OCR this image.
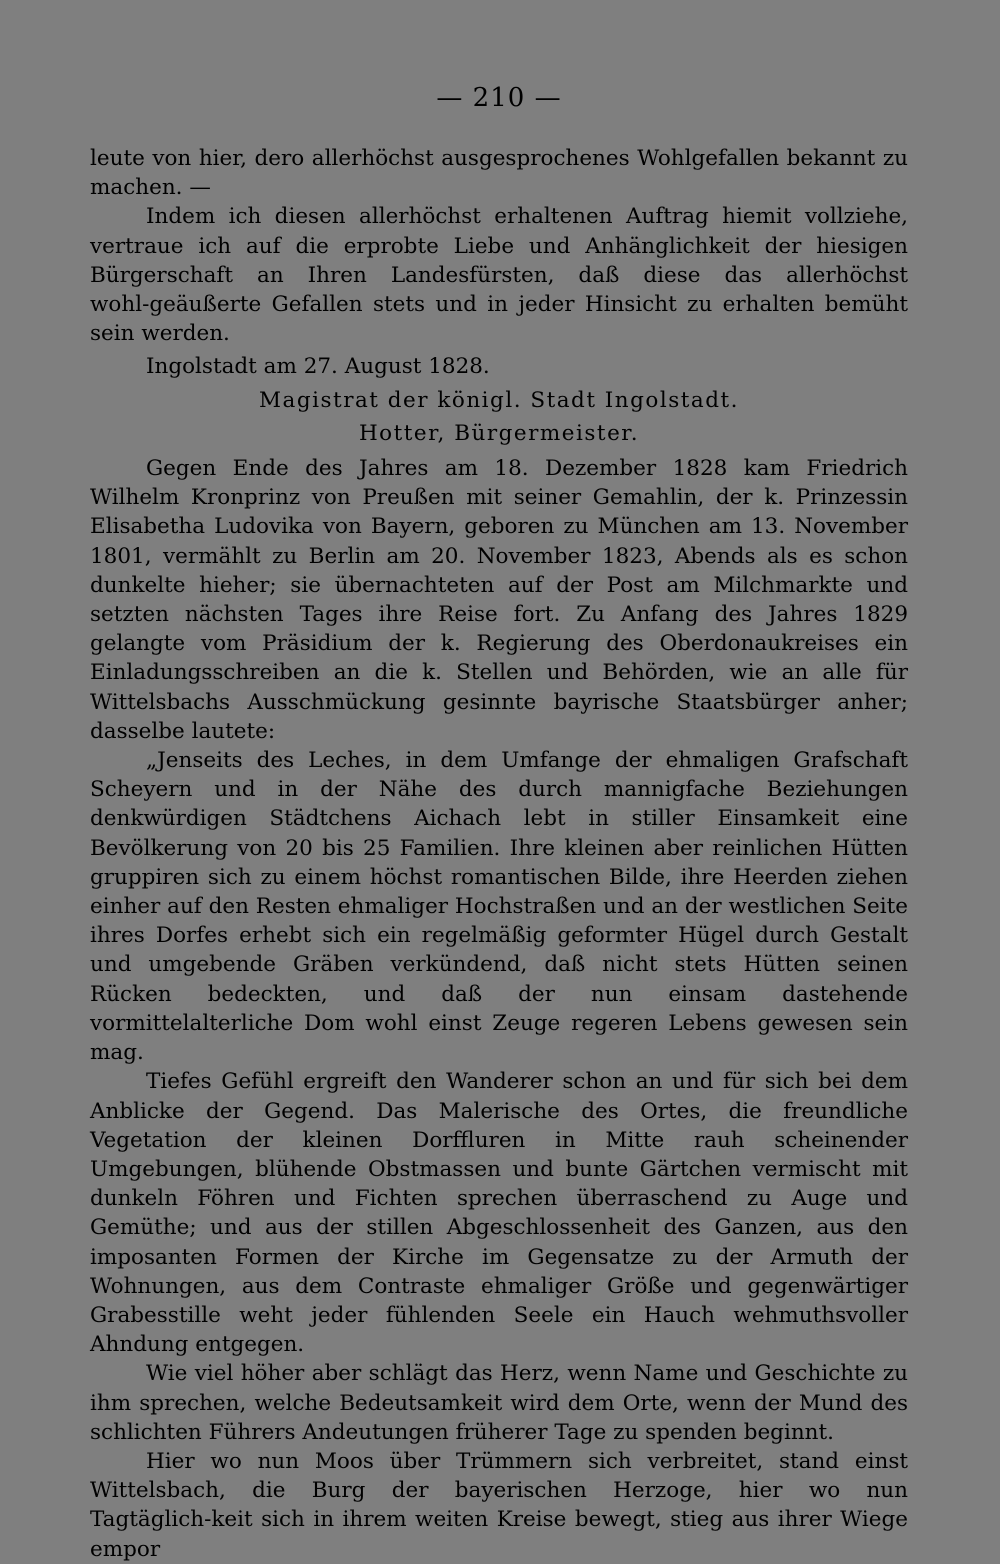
— 210 —

leute von hier, dero allerhöchst ausgesprochenes Wohlgefallen bekannt zu machen. —

Indem ich diesen allerhöchst erhaltenen Auftrag hiemit vollziehe, vertraue ich auf die erprobte Liebe und Anhänglichkeit der hiesigen Bürgerschaft an Ihren Landesfürsten, daß diese das allerhöchst wohl‑geäußerte Gefallen stets und in jeder Hinsicht zu erhalten bemüht sein werden.

Ingolstadt am 27. August 1828.

Magistrat der königl. Stadt Ingolstadt.

Hotter, Bürgermeister.

Gegen Ende des Jahres am 18. Dezember 1828 kam Friedrich Wilhelm Kronprinz von Preußen mit seiner Gemahlin, der k. Prinzessin Elisabetha Ludovika von Bayern, geboren zu München am 13. November 1801, vermählt zu Berlin am 20. November 1823, Abends als es schon dunkelte hieher; sie übernachteten auf der Post am Milchmarkte und setzten nächsten Tages ihre Reise fort. Zu Anfang des Jahres 1829 gelangte vom Präsidium der k. Regierung des Oberdonaukreises ein Einladungsschreiben an die k. Stellen und Behörden, wie an alle für Wittelsbachs Ausschmückung gesinnte bayrische Staatsbürger anher; dasselbe lautete:

„Jenseits des Leches, in dem Umfange der ehmaligen Grafschaft Scheyern und in der Nähe des durch mannigfache Beziehungen denkwürdigen Städtchens Aichach lebt in stiller Einsamkeit eine Bevölkerung von 20 bis 25 Familien. Ihre kleinen aber reinlichen Hütten gruppiren sich zu einem höchst romantischen Bilde, ihre Heerden ziehen einher auf den Resten ehmaliger Hochstraßen und an der westlichen Seite ihres Dorfes erhebt sich ein regelmäßig geformter Hügel durch Gestalt und umgebende Gräben verkündend, daß nicht stets Hütten seinen Rücken bedeckten, und daß der nun einsam dastehende vormittelalterliche Dom wohl einst Zeuge regeren Lebens gewesen sein mag.

Tiefes Gefühl ergreift den Wanderer schon an und für sich bei dem Anblicke der Gegend. Das Malerische des Ortes, die freundliche Vegetation der kleinen Dorffluren in Mitte rauh scheinender Umgebungen, blühende Obstmassen und bunte Gärtchen vermischt mit dunkeln Föhren und Fichten sprechen überraschend zu Auge und Gemüthe; und aus der stillen Abgeschlossenheit des Ganzen, aus den imposanten Formen der Kirche im Gegensatze zu der Armuth der Wohnungen, aus dem Contraste ehmaliger Größe und gegenwärtiger Grabesstille weht jeder fühlenden Seele ein Hauch wehmuthsvoller Ahndung entgegen.

Wie viel höher aber schlägt das Herz, wenn Name und Geschichte zu ihm sprechen, welche Bedeutsamkeit wird dem Orte, wenn der Mund des schlichten Führers Andeutungen früherer Tage zu spenden beginnt.

Hier wo nun Moos über Trümmern sich verbreitet, stand einst Wittelsbach, die Burg der bayerischen Herzoge, hier wo nun Tagtäglich‑keit sich in ihrem weiten Kreise bewegt, stieg aus ihrer Wiege empor
